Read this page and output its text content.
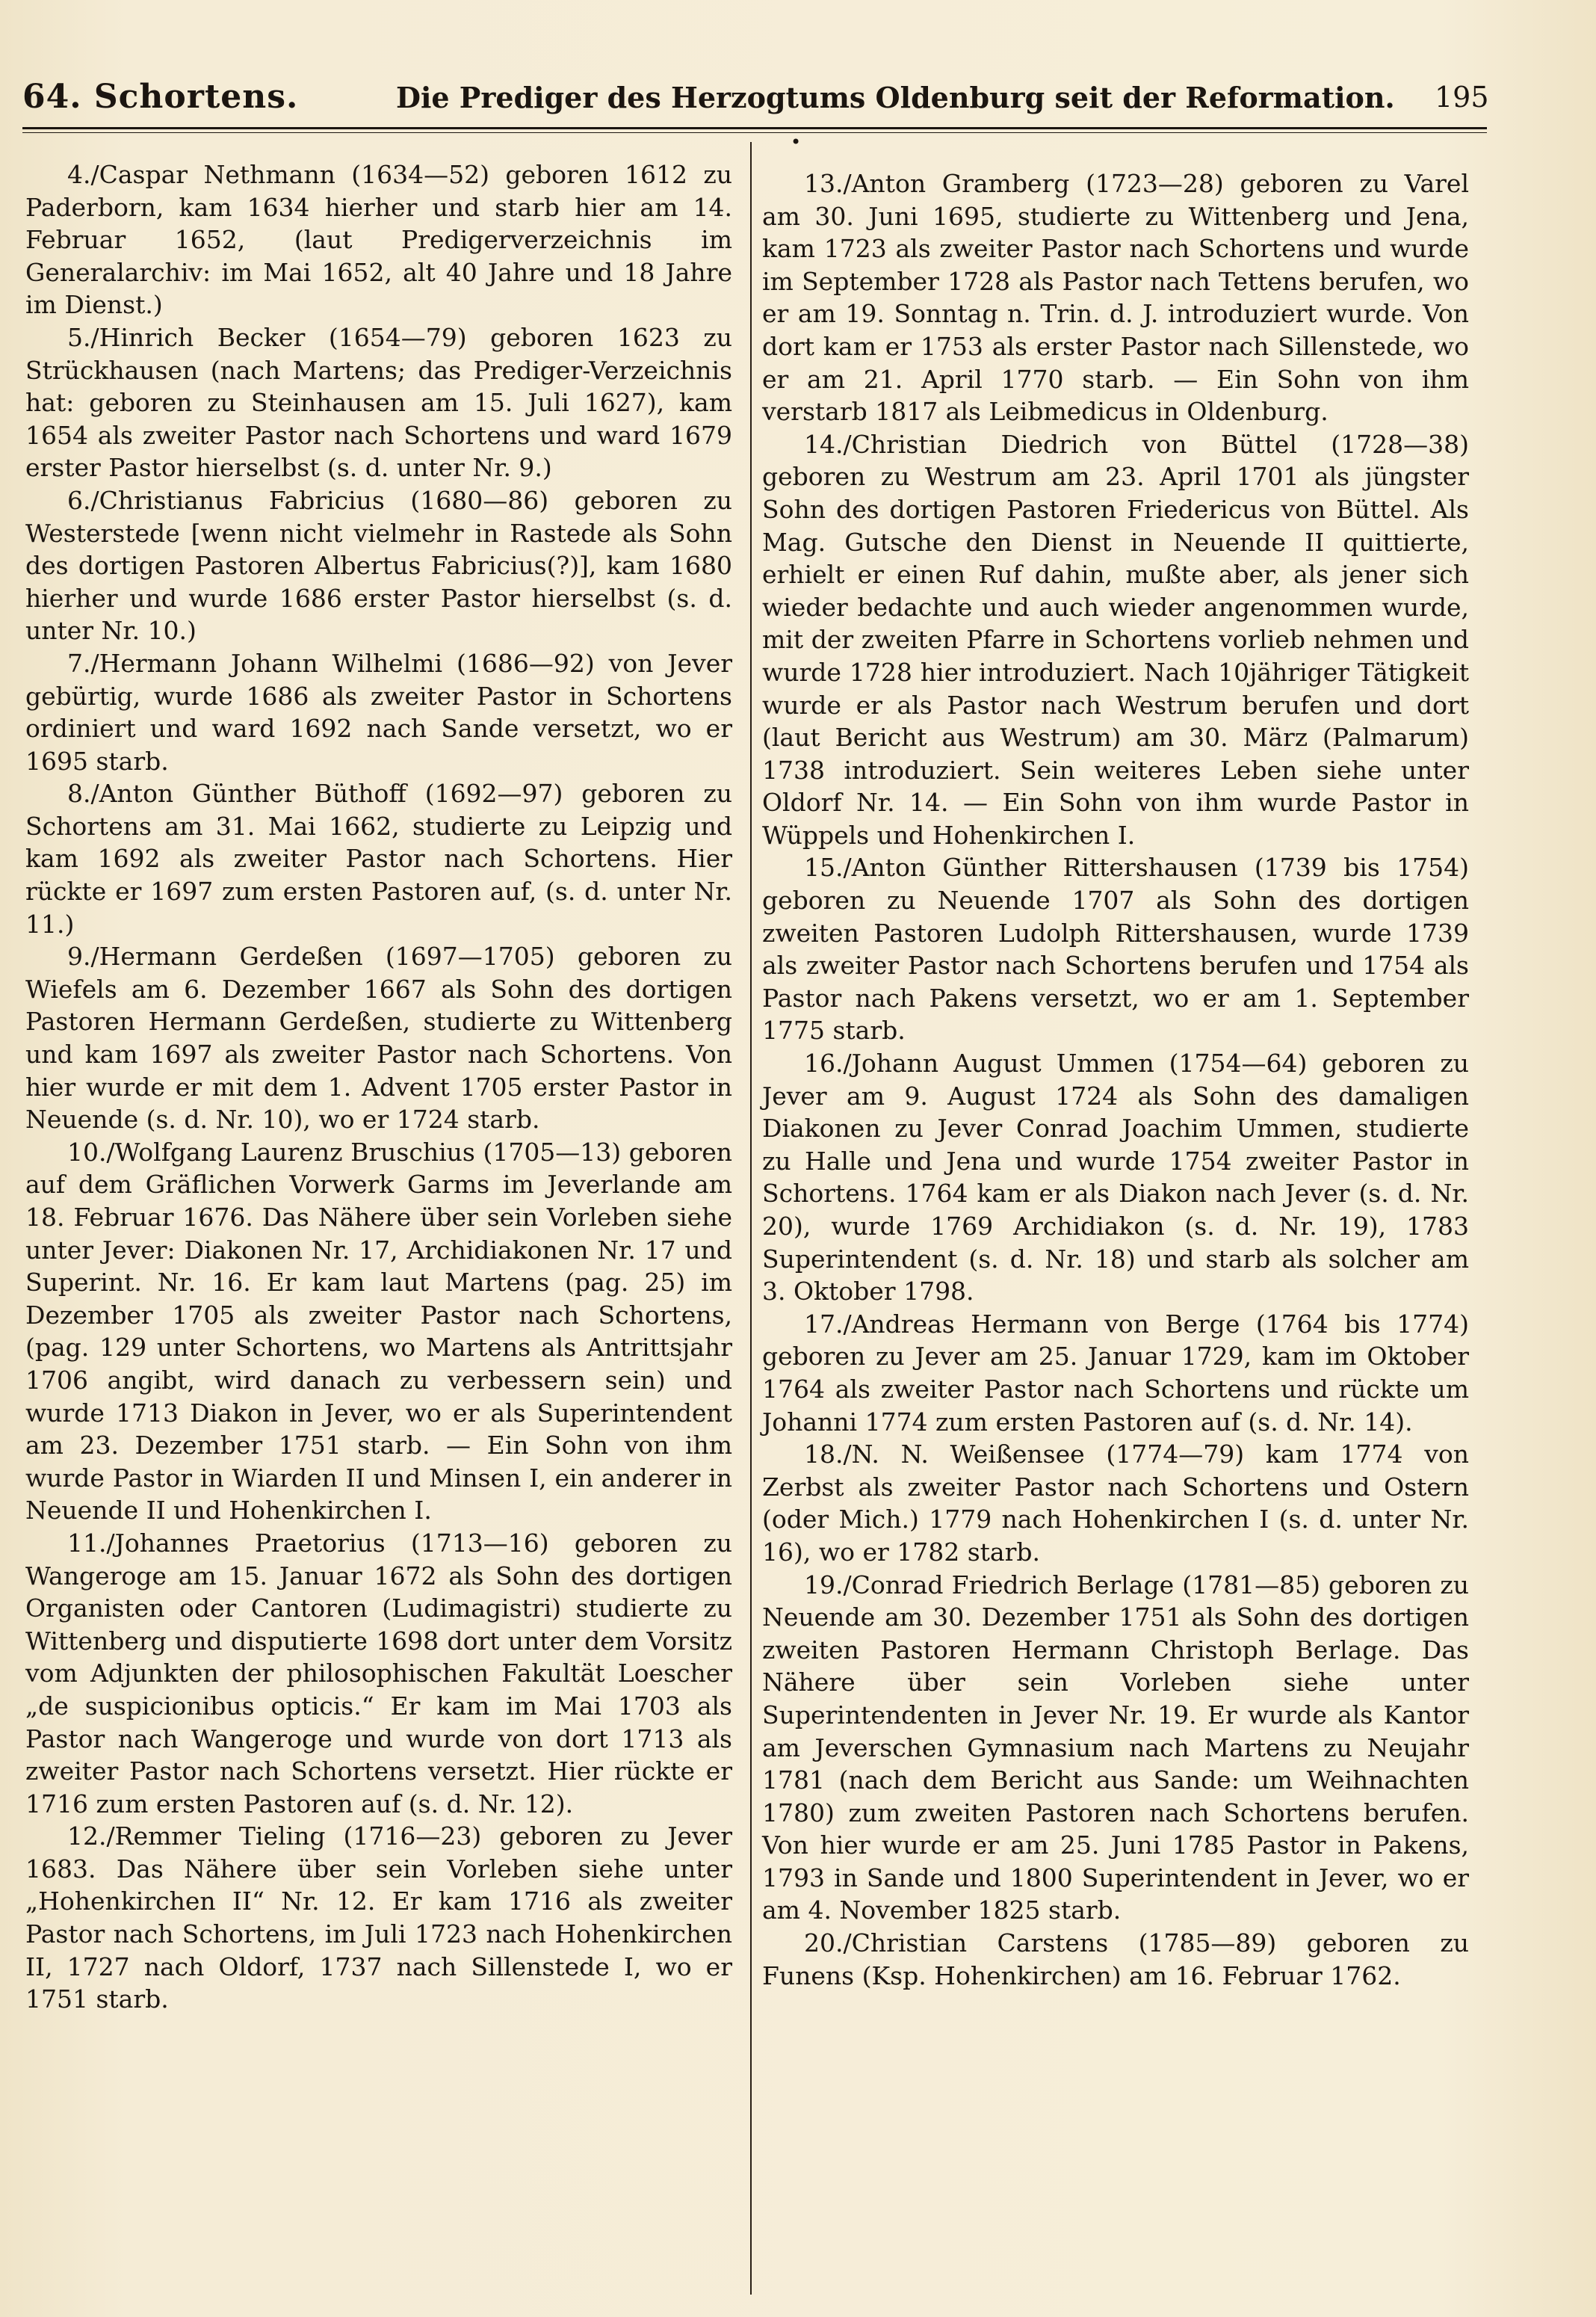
64. Schortens.	Die Prediger des Herzogtums Oldenburg seit der Reformation. 195
•

4./Caspar Nethmann (1634—52) geboren 1612 zu Paderborn, kam 1634 hierher und starb hier am 14. Februar 1652, (laut Predigerverzeichnis im Generalarchiv: im Mai 1652, alt 40 Jahre und 18 Jahre im Dienst.)

5./Hinrich Becker (1654—79) geboren 1623 zu Strückhausen (nach Martens; das Prediger-Verzeichnis hat: geboren zu Steinhausen am 15. Juli 1627), kam 1654 als zweiter Pastor nach Schortens und ward 1679 erster Pastor hierselbst (s. d. unter Nr. 9.)

6./Christianus Fabricius (1680—86) geboren zu Westerstede [wenn nicht vielmehr in Rastede als Sohn des dortigen Pastoren Albertus Fabricius(?)], kam 1680 hierher und wurde 1686 erster Pastor hierselbst (s. d. unter Nr. 10.)

7./Hermann Johann Wilhelmi (1686—92) von Jever gebürtig, wurde 1686 als zweiter Pastor in Schortens ordiniert und ward 1692 nach Sande versetzt, wo er 1695 starb.

8./Anton Günther Büthoff (1692—97) geboren zu Schortens am 31. Mai 1662, studierte zu Leipzig und kam 1692 als zweiter Pastor nach Schortens. Hier rückte er 1697 zum ersten Pastoren auf, (s. d. unter Nr. 11.)

9./Hermann Gerdeßen (1697—1705) geboren zu Wiefels am 6. Dezember 1667 als Sohn des dortigen Pastoren Hermann Gerdeßen, studierte zu Wittenberg und kam 1697 als zweiter Pastor nach Schortens. Von hier wurde er mit dem 1. Advent 1705 erster Pastor in Neuende (s. d. Nr. 10), wo er 1724 starb.

10./Wolfgang Laurenz Bruschius (1705—13) geboren auf dem Gräflichen Vorwerk Garms im Jeverlande am 18. Februar 1676. Das Nähere über sein Vorleben siehe unter Jever: Diakonen Nr. 17, Archidiakonen Nr. 17 und Superint. Nr. 16. Er kam laut Martens (pag. 25) im Dezember 1705 als zweiter Pastor nach Schortens, (pag. 129 unter Schortens, wo Martens als Antrittsjahr 1706 angibt, wird danach zu verbessern sein) und wurde 1713 Diakon in Jever, wo er als Superintendent am 23. Dezember 1751 starb. — Ein Sohn von ihm wurde Pastor in Wiarden II und Minsen I, ein anderer in Neuende II und Hohenkirchen I.

11./Johannes Praetorius (1713—16) geboren zu Wangeroge am 15. Januar 1672 als Sohn des dortigen Organisten oder Cantoren (Ludimagistri) studierte zu Wittenberg und disputierte 1698 dort unter dem Vorsitz vom Adjunkten der philosophischen Fakultät Loescher „de suspicionibus opticis.“ Er kam im Mai 1703 als Pastor nach Wangeroge und wurde von dort 1713 als zweiter Pastor nach Schortens versetzt. Hier rückte er 1716 zum ersten Pastoren auf (s. d. Nr. 12).

12./Remmer Tieling (1716—23) geboren zu Jever 1683. Das Nähere über sein Vorleben siehe unter „Hohenkirchen II“ Nr. 12. Er kam 1716 als zweiter Pastor nach Schortens, im Juli 1723 nach Hohenkirchen II, 1727 nach Oldorf, 1737 nach Sillenstede I, wo er 1751 starb.

13./Anton Gramberg (1723—28) geboren zu Varel am 30. Juni 1695, studierte zu Wittenberg und Jena, kam 1723 als zweiter Pastor nach Schortens und wurde im September 1728 als Pastor nach Tettens berufen, wo er am 19. Sonntag n. Trin. d. J. introduziert wurde. Von dort kam er 1753 als erster Pastor nach Sillenstede, wo er am 21. April 1770 starb. — Ein Sohn von ihm verstarb 1817 als Leibmedicus in Oldenburg.

14./Christian Diedrich von Büttel (1728—38) geboren zu Westrum am 23. April 1701 als jüngster Sohn des dortigen Pastoren Friedericus von Büttel. Als Mag. Gutsche den Dienst in Neuende II quittierte, erhielt er einen Ruf dahin, mußte aber, als jener sich wieder bedachte und auch wieder angenommen wurde, mit der zweiten Pfarre in Schortens vorlieb nehmen und wurde 1728 hier introduziert. Nach 10jähriger Tätigkeit wurde er als Pastor nach Westrum berufen und dort (laut Bericht aus Westrum) am 30. März (Palmarum) 1738 introduziert. Sein weiteres Leben siehe unter Oldorf Nr. 14. — Ein Sohn von ihm wurde Pastor in Wüppels und Hohenkirchen I.

15./Anton Günther Rittershausen (1739 bis 1754) geboren zu Neuende 1707 als Sohn des dortigen zweiten Pastoren Ludolph Rittershausen, wurde 1739 als zweiter Pastor nach Schortens berufen und 1754 als Pastor nach Pakens versetzt, wo er am 1. September 1775 starb.

16./Johann August Ummen (1754—64) geboren zu Jever am 9. August 1724 als Sohn des damaligen Diakonen zu Jever Conrad Joachim Ummen, studierte zu Halle und Jena und wurde 1754 zweiter Pastor in Schortens. 1764 kam er als Diakon nach Jever (s. d. Nr. 20), wurde 1769 Archidiakon (s. d. Nr. 19), 1783 Superintendent (s. d. Nr. 18) und starb als solcher am 3. Oktober 1798.

17./Andreas Hermann von Berge (1764 bis 1774) geboren zu Jever am 25. Januar 1729, kam im Oktober 1764 als zweiter Pastor nach Schortens und rückte um Johanni 1774 zum ersten Pastoren auf (s. d. Nr. 14).

18./N. N. Weißensee (1774—79) kam 1774 von Zerbst als zweiter Pastor nach Schortens und Ostern (oder Mich.) 1779 nach Hohenkirchen I (s. d. unter Nr. 16), wo er 1782 starb.

19./Conrad Friedrich Berlage (1781—85) geboren zu Neuende am 30. Dezember 1751 als Sohn des dortigen zweiten Pastoren Hermann Christoph Berlage. Das Nähere über sein Vorleben siehe unter Superintendenten in Jever Nr. 19. Er wurde als Kantor am Jeverschen Gymnasium nach Martens zu Neujahr 1781 (nach dem Bericht aus Sande: um Weihnachten 1780) zum zweiten Pastoren nach Schortens berufen. Von hier wurde er am 25. Juni 1785 Pastor in Pakens, 1793 in Sande und 1800 Superintendent in Jever, wo er am 4. November 1825 starb.

20./Christian Carstens (1785—89) geboren zu Funens (Ksp. Hohenkirchen) am 16. Februar 1762.
